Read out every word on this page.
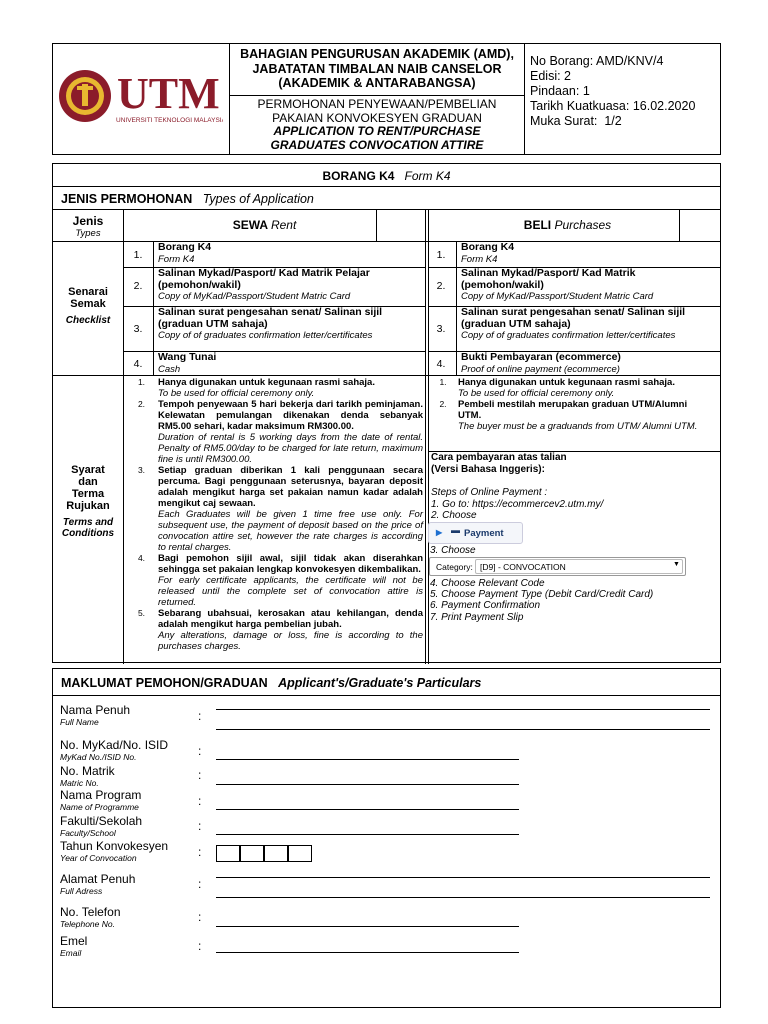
UTM
UNIVERSITI TEKNOLOGI MALAYSIA
BAHAGIAN PENGURUSAN AKADEMIK (AMD),
JABATATAN TIMBALAN NAIB CANSELOR
(AKADEMIK & ANTARABANGSA)
PERMOHONAN PENYEWAAN/PEMBELIAN
PAKAIAN KONVOKESYEN GRADUAN
APPLICATION TO RENT/PURCHASE
GRADUATES CONVOCATION ATTIRE
No Borang: AMD/KNV/4
Edisi: 2
Pindaan: 1
Tarikh Kuatkuasa: 16.02.2020
Muka Surat: 1/2
BORANG K4 Form K4
JENIS PERMOHONAN Types of Application
Jenis
Types
SEWA Rent	BELI Purchases
Senarai
Semak
Checklist
1.
Borang K4
Form K4
2.
Salinan Mykad/Pasport/ Kad Matrik Pelajar (pemohon/wakil)
Copy of MyKad/Passport/Student Matric Card
3.
Salinan surat pengesahan senat/ Salinan sijil (graduan UTM sahaja)
Copy of of graduates confirmation letter/certificates
4.
Wang Tunai
Cash
1.
Borang K4
Form K4
2.
Salinan Mykad/Pasport/ Kad Matrik (pemohon/wakil)
Copy of MyKad/Passport/Student Matric Card
3.
Salinan surat pengesahan senat/ Salinan sijil (graduan UTM sahaja)
Copy of of graduates confirmation letter/certificates
4.
Bukti Pembayaran (ecommerce)
Proof of online payment (ecommerce)
Syarat
dan
Terma
Rujukan
Terms and
Conditions
1.	Hanya digunakan untuk kegunaan rasmi sahaja.
To be used for official ceremony only.
2.	Tempoh penyewaan 5 hari bekerja dari tarikh peminjaman. Kelewatan pemulangan dikenakan denda sebanyak RM5.00 sehari, kadar maksimum RM300.00.
Duration of rental is 5 working days from the date of rental. Penalty of RM5.00/day to be charged for late return, maximum fine is until RM300.00.
3.	Setiap graduan diberikan 1 kali penggunaan secara percuma. Bagi penggunaan seterusnya, bayaran deposit adalah mengikut harga set pakaian namun kadar adalah mengikut caj sewaan.
Each Graduates will be given 1 time free use only. For subsequent use, the payment of deposit based on the price of convocation attire set, however the rate charges is according to rental charges.
4.	Bagi pemohon sijil awal, sijil tidak akan diserahkan sehingga set pakaian lengkap konvokesyen dikembalikan.
For early certificate applicants, the certificate will not be released until the complete set of convocation attire is returned.
5.	Sebarang ubahsuai, kerosakan atau kehilangan, denda adalah mengikut harga pembelian jubah.
Any alterations, damage or loss, fine is according to the purchases charges.
1.	Hanya digunakan untuk kegunaan rasmi sahaja.
To be used for official ceremony only.
2.	Pembeli mestilah merupakan graduan UTM/Alumni UTM.
The buyer must be a graduands from UTM/ Alumni UTM.
Cara pembayaran atas talian
(Versi Bahasa Inggeris):
Steps of Online Payment :
1. Go to: https://ecommercev2.utm.my/
2. Choose
▶ ▬ Payment
3. Choose
Category: [D9] - CONVOCATION	▼
4. Choose Relevant Code
5. Choose Payment Type (Debit Card/Credit Card)
6. Payment Confirmation
7. Print Payment Slip
MAKLUMAT PEMOHON/GRADUAN Applicant's/Graduate's Particulars
Nama Penuh
Full Name	:
No. MyKad/No. ISID
MyKad No./ISID No.	:
No. Matrik
Matric No.
:
Nama Program
Name of Programme	:
Fakulti/Sekolah
Faculty/School	:
Tahun Konvokesyen
Year of Convocation	:
Alamat Penuh
Full Adress	:
No. Telefon
Telephone No.	:
Emel
Email	:
